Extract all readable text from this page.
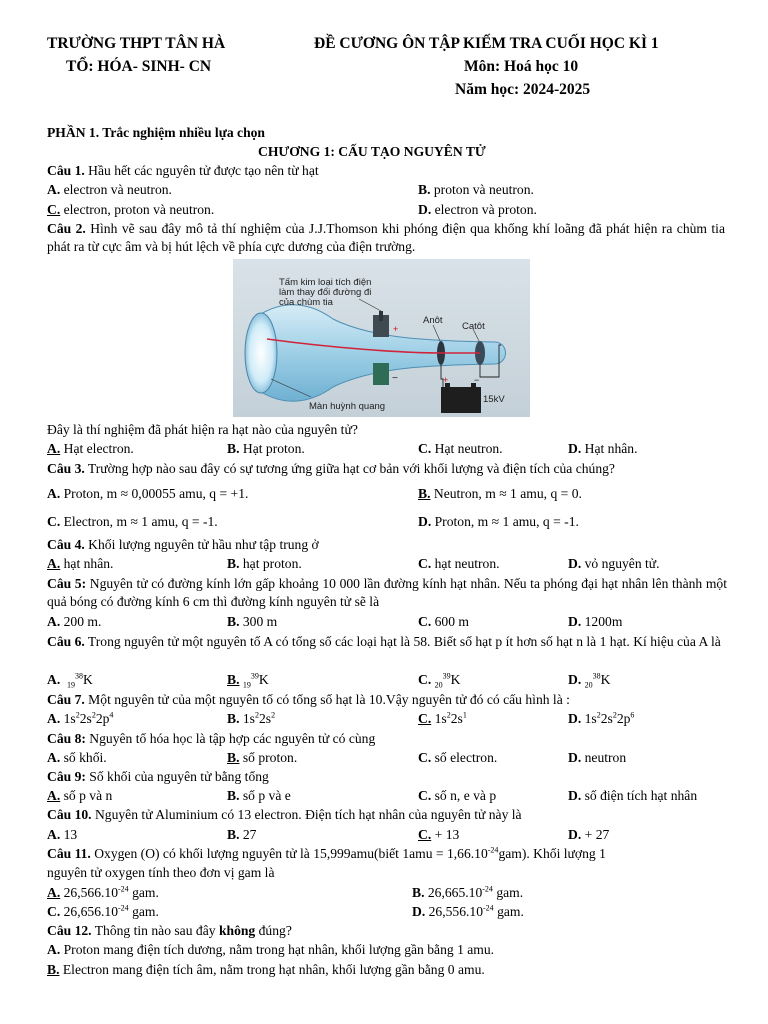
TRƯỜNG THPT TÂN HÀ
TỔ: HÓA- SINH- CN
ĐỀ CƯƠNG ÔN TẬP KIẾM TRA CUỐI HỌC KÌ 1
Môn: Hoá học 10
Năm học: 2024-2025
PHẦN 1. Trắc nghiệm nhiều lựa chọn
CHƯƠNG 1: CẤU TẠO NGUYÊN TỬ
Câu 1. Hầu hết các nguyên tử được tạo nên từ hạt
A. electron và neutron.	B. proton và neutron.
C. electron, proton và neutron.	D. electron và proton.
Câu 2. Hình vẽ sau đây mô tả thí nghiệm của J.J.Thomson khi phóng điện qua khống khí loãng đã phát hiện ra chùm tia phát ra từ cực âm và bị hút lệch về phía cực dương của điện trường.
+
−	+	−
Tấm kim loại tích điện
làm thay đổi đường đi
của chùm tia
Anôt
Catôt
Màn huỳnh quang
15kV
Đây là thí nghiệm đã phát hiện ra hạt nào của nguyên tử?
A. Hạt electron.	B. Hạt proton.	C. Hạt neutron.	D. Hạt nhân.
Câu 3. Trường hợp nào sau đây có sự tương ứng giữa hạt cơ bản với khối lượng và điện tích của chúng?
A. Proton, m ≈ 0,00055 amu, q = +1.	B. Neutron, m ≈ 1 amu, q = 0.
C. Electron, m ≈ 1 amu, q = -1.	D. Proton, m ≈ 1 amu, q = -1.
Câu 4. Khối lượng nguyên tử hầu như tập trung ở
A. hạt nhân.	B. hạt proton.	C. hạt neutron.	D. vỏ nguyên tử.
Câu 5: Nguyên tử có đường kính lớn gấp khoảng 10 000 lần đường kính hạt nhân. Nếu ta phóng đại hạt nhân lên thành một quả bóng có đường kính 6 cm thì đường kính nguyên tử sẽ là
A. 200 m.	B. 300 m	C. 600 m	D. 1200m
Câu 6. Trong nguyên tử một nguyên tố A có tổng số các loại hạt là 58. Biết số hạt p ít hơn số hạt n là 1 hạt. Kí hiệu của A là
A. $_{19}^{38}$K	B. $_{19}^{39}$K	C. $_{20}^{39}$K	D. $_{20}^{38}$K
Câu 7. Một nguyên tử của một nguyên tố có tổng số hạt là 10.Vậy nguyên tử đó có cấu hình là :
A. $1s^22s^22p^4$	B. $1s^22s^2$	C. $1s^22s^1$	D. $1s^22s^22p^6$
Câu 8: Nguyên tố hóa học là tập hợp các nguyên tử có cùng
A. số khối.	B. số proton.	C. số electron.	D. neutron
Câu 9: Số khối của nguyên tử bằng tổng
A. số p và n	B. số p và e	C. số n, e và p	D. số điện tích hạt nhân
Câu 10. Nguyên tử Aluminium có 13 electron. Điện tích hạt nhân của nguyên tử này là
A. 13	B. 27	C. + 13	D. + 27
Câu 11. Oxygen (O) có khối lượng nguyên tử là 15,999amu(biết $1amu = 1,66.10^{-24}gam$). Khối lượng 1
nguyên tử oxygen tính theo đơn vị gam là
A. $26,566.10^{-24}$ gam.	B. $26,665.10^{-24}$ gam.
C. $26,656.10^{-24}$ gam.	D. $26,556.10^{-24}$ gam.
Câu 12. Thông tin nào sau đây không đúng?
A. Proton mang điện tích dương, nằm trong hạt nhân, khối lượng gần bằng 1 amu.
B. Electron mang điện tích âm, nằm trong hạt nhân, khối lượng gần bằng 0 amu.
